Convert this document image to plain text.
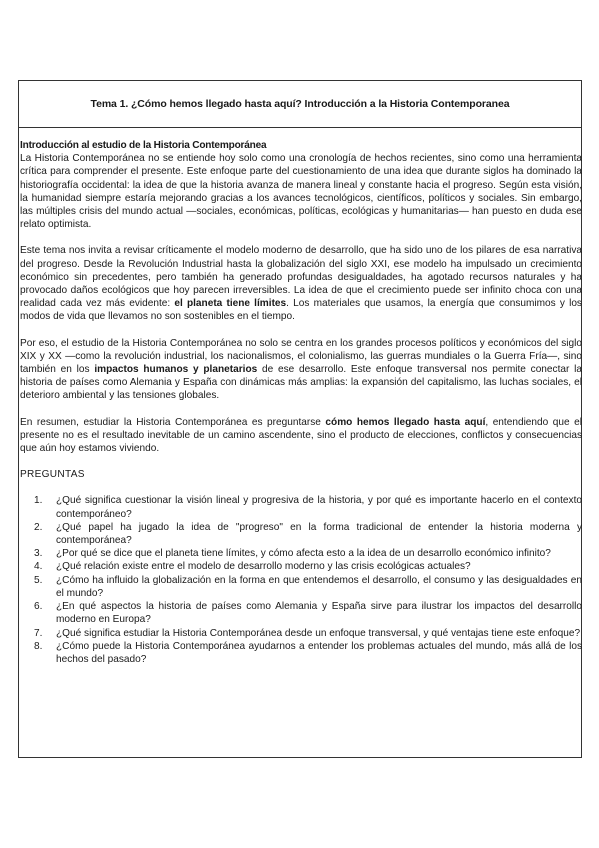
Tema 1. ¿Cómo hemos llegado hasta aquí? Introducción a la Historia Contemporanea

Introducción al estudio de la Historia Contemporánea

La Historia Contemporánea no se entiende hoy solo como una cronología de hechos recientes, sino como una herramienta crítica para comprender el presente. Este enfoque parte del cuestionamiento de una idea que durante siglos ha dominado la historiografía occidental: la idea de que la historia avanza de manera lineal y constante hacia el progreso. Según esta visión, la humanidad siempre estaría mejorando gracias a los avances tecnológicos, científicos, políticos y sociales. Sin embargo, las múltiples crisis del mundo actual —sociales, económicas, políticas, ecológicas y humanitarias— han puesto en duda ese relato optimista.

Este tema nos invita a revisar críticamente el modelo moderno de desarrollo, que ha sido uno de los pilares de esa narrativa del progreso. Desde la Revolución Industrial hasta la globalización del siglo XXI, ese modelo ha impulsado un crecimiento económico sin precedentes, pero también ha generado profundas desigualdades, ha agotado recursos naturales y ha provocado daños ecológicos que hoy parecen irreversibles. La idea de que el crecimiento puede ser infinito choca con una realidad cada vez más evidente: el planeta tiene límites. Los materiales que usamos, la energía que consumimos y los modos de vida que llevamos no son sostenibles en el tiempo.

Por eso, el estudio de la Historia Contemporánea no solo se centra en los grandes procesos políticos y económicos del siglo XIX y XX —como la revolución industrial, los nacionalismos, el colonialismo, las guerras mundiales o la Guerra Fría—, sino también en los impactos humanos y planetarios de ese desarrollo. Este enfoque transversal nos permite conectar la historia de países como Alemania y España con dinámicas más amplias: la expansión del capitalismo, las luchas sociales, el deterioro ambiental y las tensiones globales.

En resumen, estudiar la Historia Contemporánea es preguntarse cómo hemos llegado hasta aquí, entendiendo que el presente no es el resultado inevitable de un camino ascendente, sino el producto de elecciones, conflictos y consecuencias que aún hoy estamos viviendo.

PREGUNTAS

1. ¿Qué significa cuestionar la visión lineal y progresiva de la historia, y por qué es importante hacerlo en el contexto contemporáneo?
2. ¿Qué papel ha jugado la idea de "progreso" en la forma tradicional de entender la historia moderna y contemporánea?
3. ¿Por qué se dice que el planeta tiene límites, y cómo afecta esto a la idea de un desarrollo económico infinito?
4. ¿Qué relación existe entre el modelo de desarrollo moderno y las crisis ecológicas actuales?
5. ¿Cómo ha influido la globalización en la forma en que entendemos el desarrollo, el consumo y las desigualdades en el mundo?
6. ¿En qué aspectos la historia de países como Alemania y España sirve para ilustrar los impactos del desarrollo moderno en Europa?
7. ¿Qué significa estudiar la Historia Contemporánea desde un enfoque transversal, y qué ventajas tiene este enfoque?
8. ¿Cómo puede la Historia Contemporánea ayudarnos a entender los problemas actuales del mundo, más allá de los hechos del pasado?
